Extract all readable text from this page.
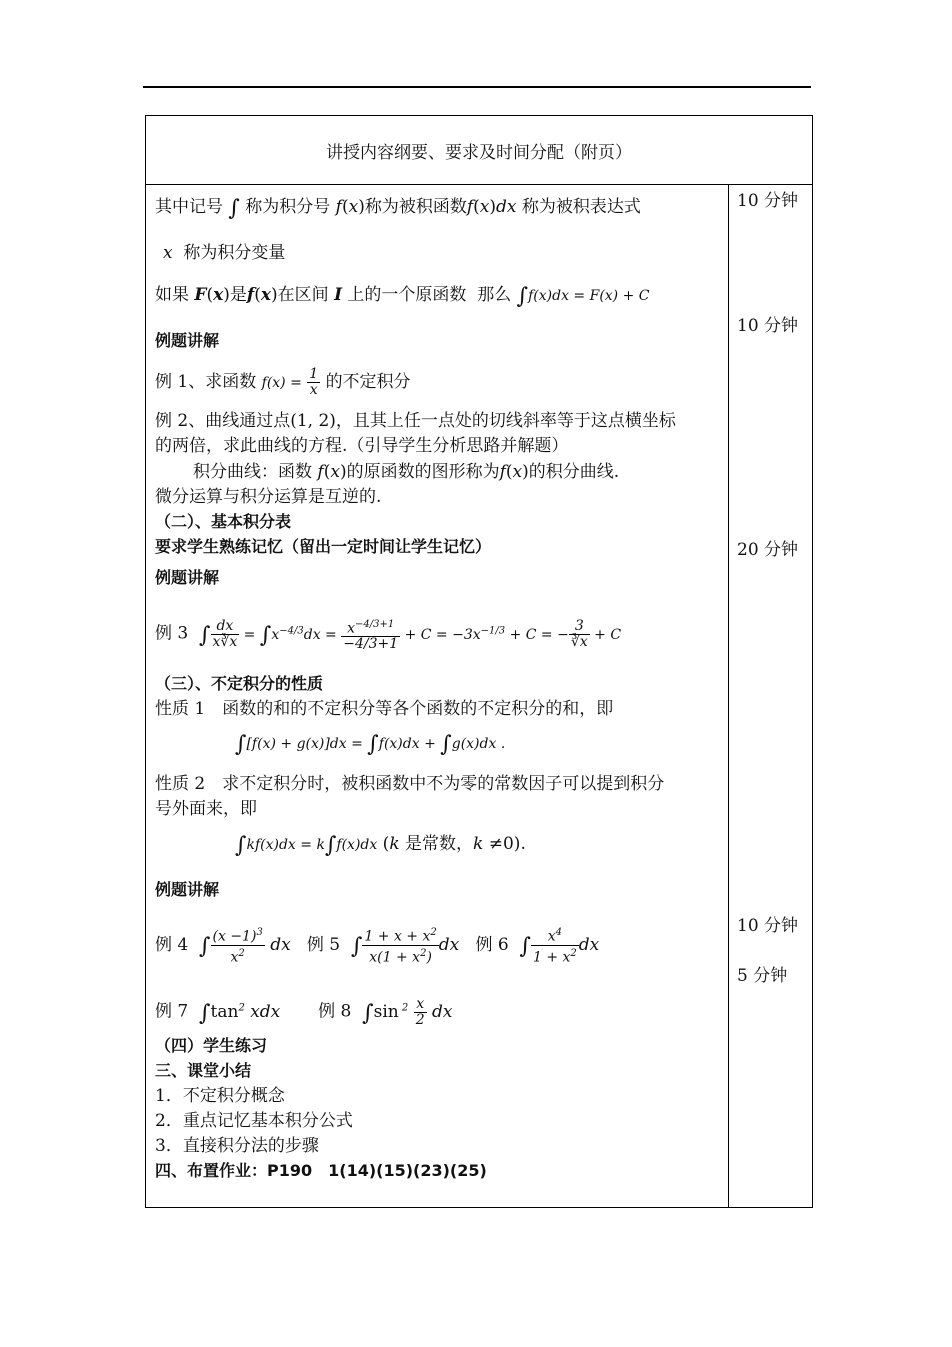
讲授内容纲要、要求及时间分配（附页）
10 分钟
10 分钟
20 分钟
10 分钟
5 分钟
其中记号 ∫ 称为积分号 f(x)称为被积函数f(x)dx 称为被积表达式
x 称为积分变量
如果 F(x)是f(x)在区间 I 上的一个原函数 那么 ∫f(x)dx = F(x) + C
例题讲解
例 1、求函数 $f(x) = \frac{1}{x}$ 的不定积分
例 2、曲线通过点(1, 2)，且其上任一点处的切线斜率等于这点横坐标
的两倍，求此曲线的方程.（引导学生分析思路并解题）
积分曲线：函数 f(x)的原函数的图形称为f(x)的积分曲线.
微分运算与积分运算是互逆的.
（二）、基本积分表
要求学生熟练记忆（留出一定时间让学生记忆）
例题讲解
例 3 ∫ $\frac{dx}{x∛x} = \int x^{-4/3}dx = \frac{x^{-4/3+1}}{-4/3+1} + C = -3x^{-1/3} + C$ = − $\frac{3}{∛x} + C$
（三）、不定积分的性质
性质 1　函数的和的不定积分等各个函数的不定积分的和，即
∫[f(x) + g(x)]dx = ∫f(x)dx + ∫g(x)dx .
性质 2　求不定积分时，被积函数中不为零的常数因子可以提到积分
号外面来，即
∫kf(x)dx = k∫f(x)dx (k 是常数，k ≠0).
例题讲解
例 4 ∫ $\frac{(x -1)^3}{x^2}$ dx 例 5 ∫ $\frac{1 + x + x^2}{x(1 + x^2)}$ dx 例 6 ∫ $\frac{x^4}{1 + x^2}$ dx
例 7 $\int\tan^2$ xdx 例 8 ∫sin $^2 \frac{x}{2}$ dx
（四）学生练习
三、课堂小结
1．不定积分概念
2．重点记忆基本积分公式
3．直接积分法的步骤
四、布置作业：P190　1(14)(15)(23)(25)
